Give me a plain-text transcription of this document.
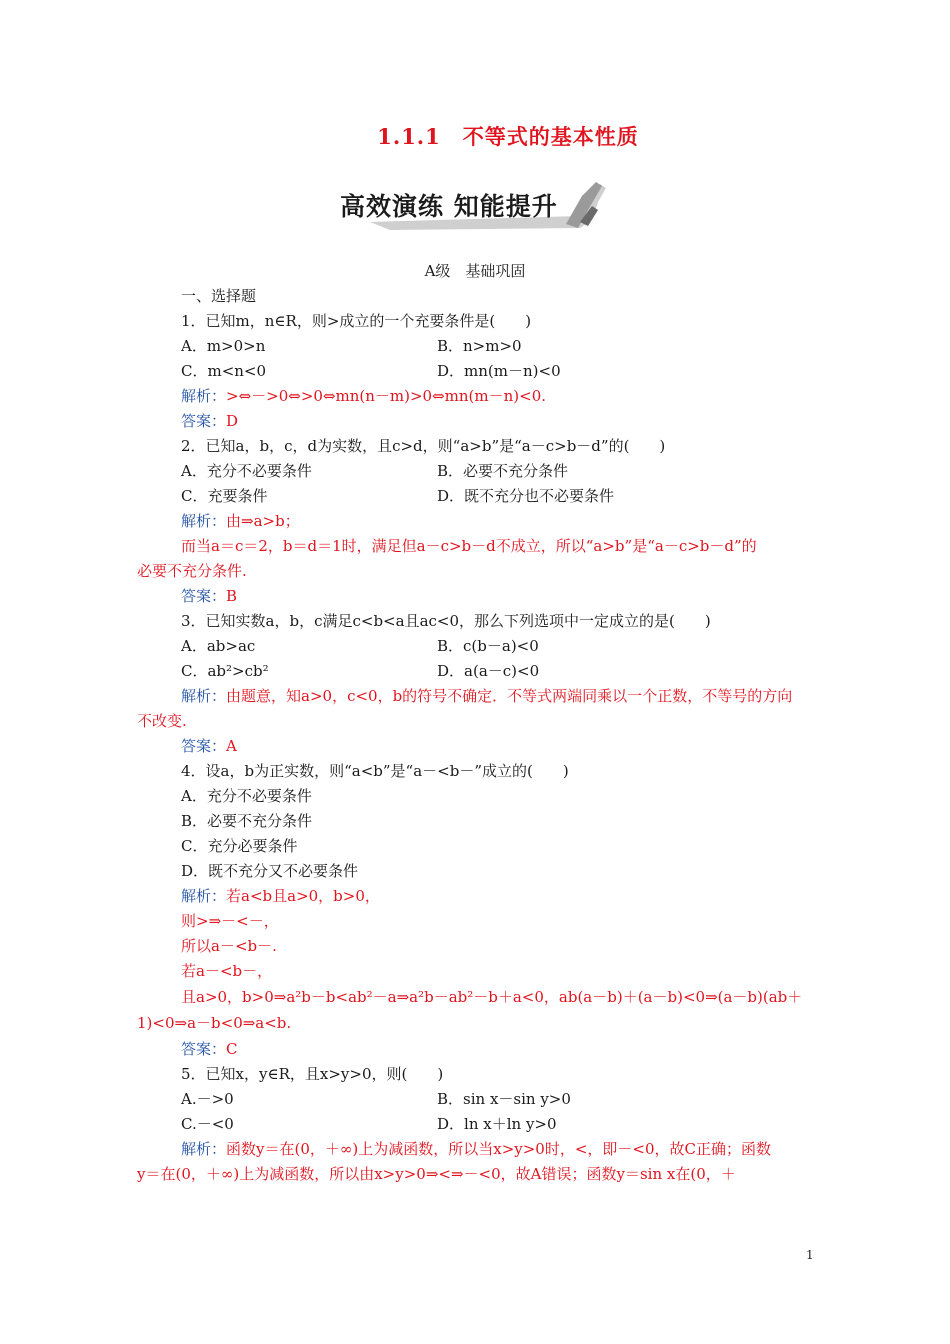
1.1.1　不等式的基本性质
高效演练 知能提升
A级　基础巩固
一、选择题
1．已知m，n∈R，则>成立的一个充要条件是(　　)
A．m>0>n	B．n>m>0
C．m<n<0	D．mn(m－n)<0
解析：>⇔－>0⇔>0⇔mn(n－m)>0⇔mn(m－n)<0.
答案：D
2．已知a，b，c，d为实数，且c>d，则“a>b”是“a－c>b－d”的(　　)
A．充分不必要条件	B．必要不充分条件
C．充要条件	D．既不充分也不必要条件
解析：由⇒a>b；
而当a＝c＝2，b＝d＝1时，满足但a－c>b－d不成立，所以“a>b”是“a－c>b－d”的
必要不充分条件.
答案：B
3．已知实数a，b，c满足c<b<a且ac<0，那么下列选项中一定成立的是(　　)
A．ab>ac	B．c(b－a)<0
C．ab²>cb²	D．a(a－c)<0
解析：由题意，知a>0，c<0，b的符号不确定．不等式两端同乘以一个正数，不等号的方向
不改变.
答案：A
4．设a，b为正实数，则“a<b”是“a－<b－”成立的(　　)
A．充分不必要条件
B．必要不充分条件
C．充分必要条件
D．既不充分又不必要条件
解析：若a<b且a>0，b>0，
则>⇒－<－，
所以a－<b－.
若a－<b－，
且a>0，b>0⇒a²b－b<ab²－a⇒a²b－ab²－b＋a<0，ab(a－b)＋(a－b)<0⇒(a－b)(ab＋
1)<0⇒a－b<0⇒a<b.
答案：C
5．已知x，y∈R，且x>y>0，则(　　)
A.－>0	B．sin x－sin y>0
C.－<0	D．ln x＋ln y>0
解析：函数y＝在(0，＋∞)上为减函数，所以当x>y>0时，<，即－<0，故C正确；函数
y＝在(0，＋∞)上为减函数，所以由x>y>0⇒<⇒－<0，故A错误；函数y＝sin x在(0，＋
1
